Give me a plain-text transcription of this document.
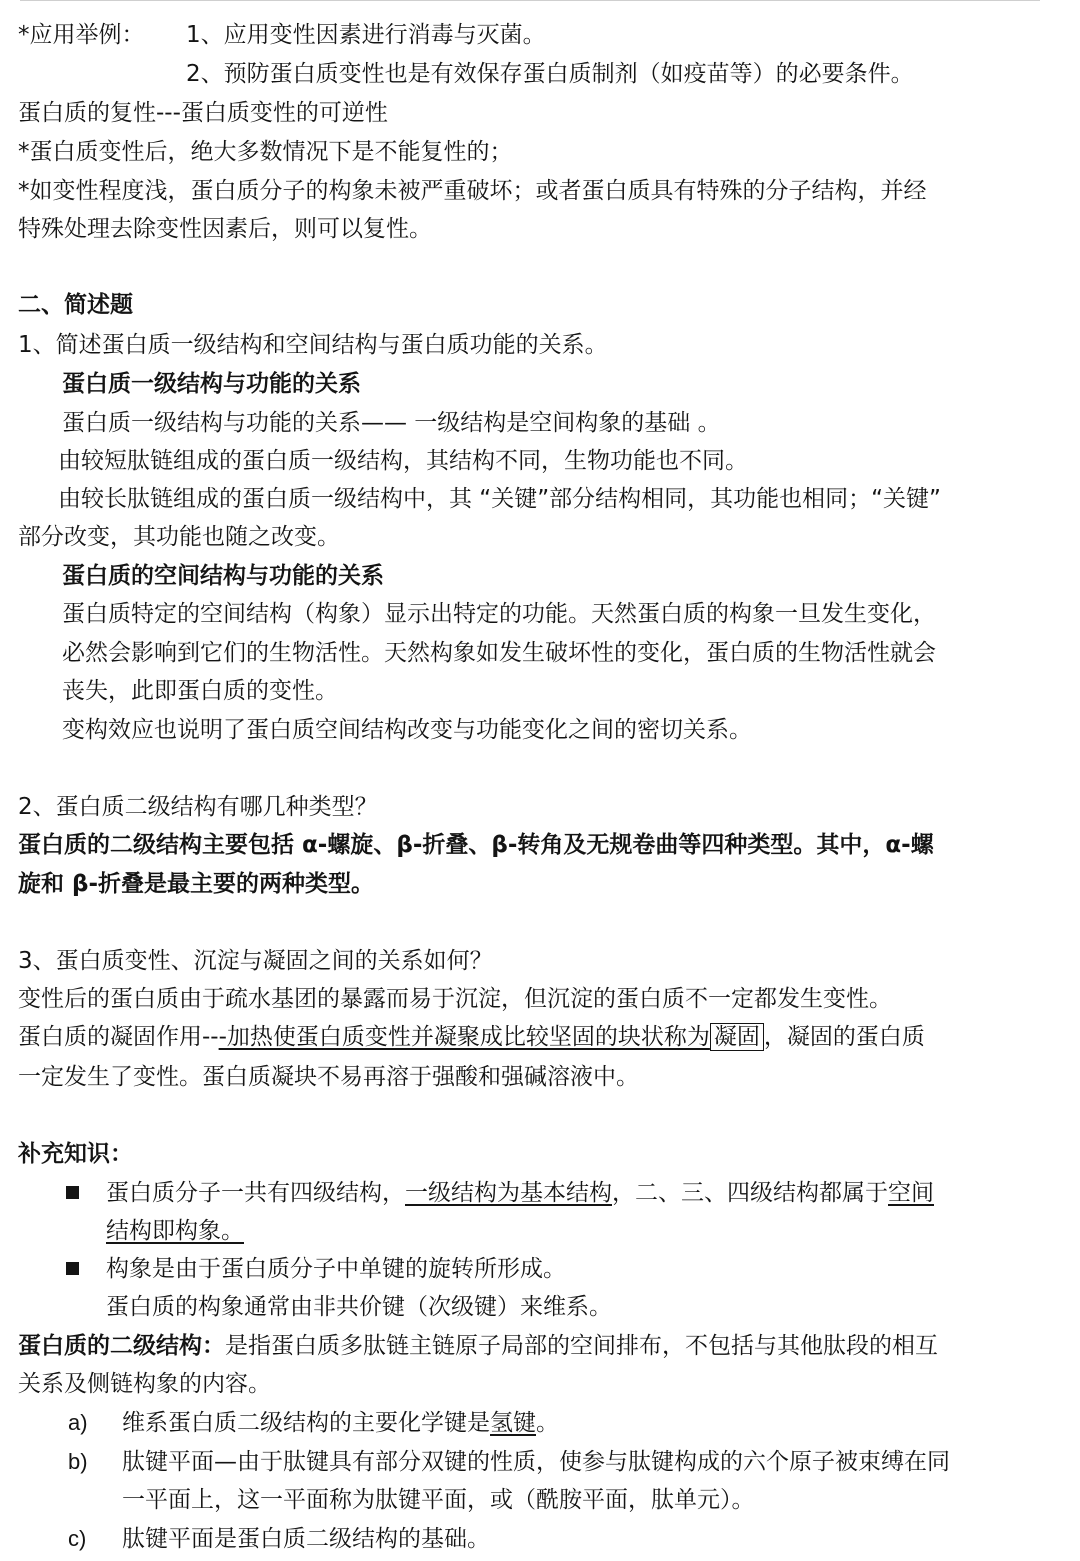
*应用举例： 1、应用变性因素进行消毒与灭菌。
2、预防蛋白质变性也是有效保存蛋白质制剂（如疫苗等）的必要条件。
蛋白质的复性---蛋白质变性的可逆性
*蛋白质变性后，绝大多数情况下是不能复性的；
*如变性程度浅，蛋白质分子的构象未被严重破坏；或者蛋白质具有特殊的分子结构，并经
特殊处理去除变性因素后，则可以复性。
二、简述题
1、简述蛋白质一级结构和空间结构与蛋白质功能的关系。
蛋白质一级结构与功能的关系
蛋白质一级结构与功能的关系—— 一级结构是空间构象的基础 。
由较短肽链组成的蛋白质一级结构，其结构不同，生物功能也不同。
由较长肽链组成的蛋白质一级结构中，其 “关键”部分结构相同，其功能也相同；“关键”
部分改变，其功能也随之改变。
蛋白质的空间结构与功能的关系
蛋白质特定的空间结构（构象）显示出特定的功能。天然蛋白质的构象一旦发生变化，
必然会影响到它们的生物活性。天然构象如发生破坏性的变化，蛋白质的生物活性就会
丧失，此即蛋白质的变性。
变构效应也说明了蛋白质空间结构改变与功能变化之间的密切关系。
2、蛋白质二级结构有哪几种类型？
蛋白质的二级结构主要包括 α-螺旋、β-折叠、β-转角及无规卷曲等四种类型。其中，α-螺
旋和 β-折叠是最主要的两种类型。
3、蛋白质变性、沉淀与凝固之间的关系如何？
变性后的蛋白质由于疏水基团的暴露而易于沉淀，但沉淀的蛋白质不一定都发生变性。
蛋白质的凝固作用---加热使蛋白质变性并凝聚成比较坚固的块状称为 凝固 ，凝固的蛋白质
一定发生了变性。蛋白质凝块不易再溶于强酸和强碱溶液中。
补充知识：
蛋白质分子一共有四级结构，一级结构为基本结构，二、三、四级结构都属于空间
结构即构象。
构象是由于蛋白质分子中单键的旋转所形成。
蛋白质的构象通常由非共价键（次级键）来维系。
蛋白质的二级结构：是指蛋白质多肽链主链原子局部的空间排布，不包括与其他肽段的相互
关系及侧链构象的内容。
a) 维系蛋白质二级结构的主要化学键是氢键。
b) 肽键平面—由于肽键具有部分双键的性质，使参与肽键构成的六个原子被束缚在同
一平面上，这一平面称为肽键平面，或（酰胺平面，肽单元）。
c) 肽键平面是蛋白质二级结构的基础。
